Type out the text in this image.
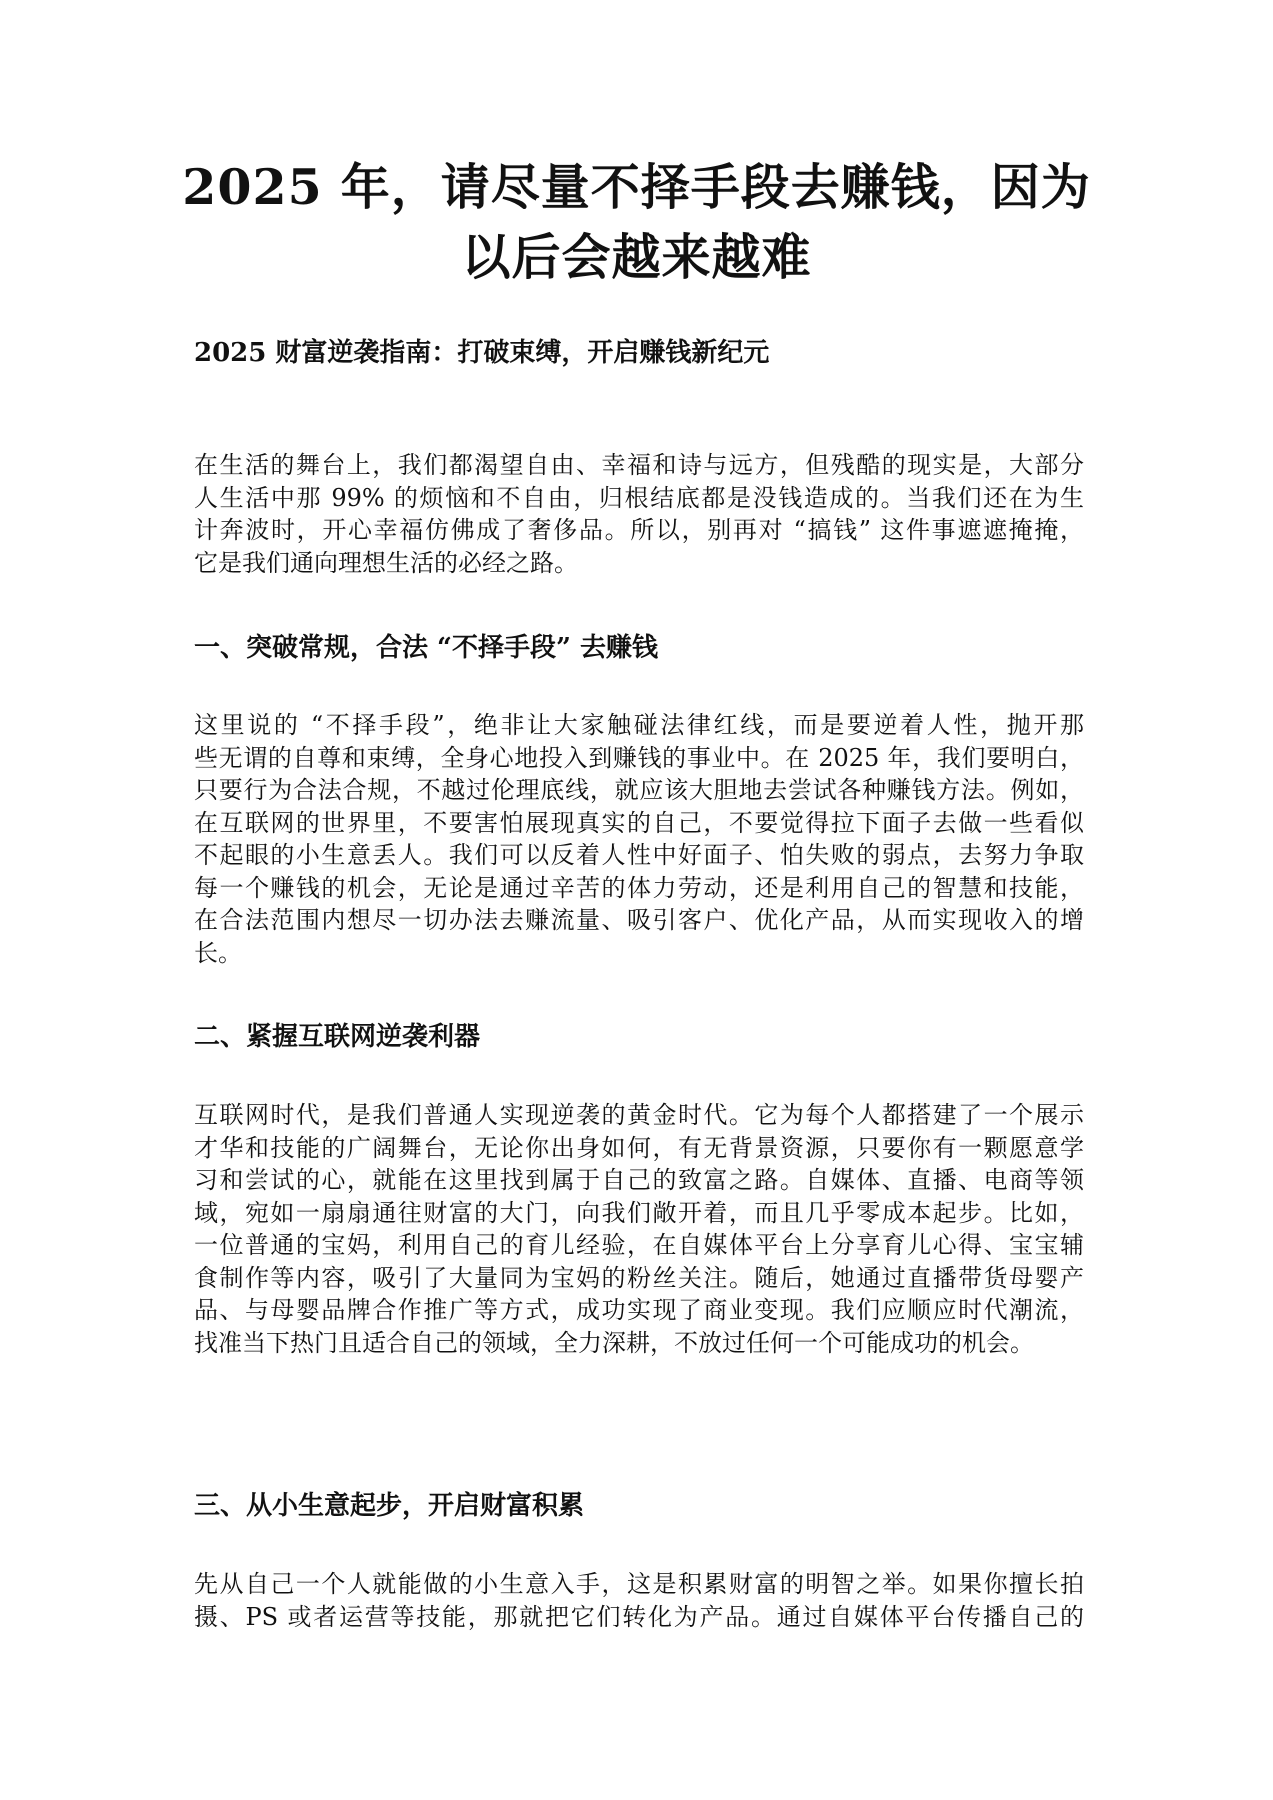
2025 年，请尽量不择手段去赚钱，因为
以后会越来越难
2025 财富逆袭指南：打破束缚，开启赚钱新纪元
在生活的舞台上，我们都渴望自由、幸福和诗与远方，但残酷的现实是，大部分
人生活中那 99% 的烦恼和不自由，归根结底都是没钱造成的。当我们还在为生
计奔波时，开心幸福仿佛成了奢侈品。所以，别再对 “搞钱” 这件事遮遮掩掩，
它是我们通向理想生活的必经之路。
一、突破常规，合法 “不择手段” 去赚钱
这里说的 “不择手段”，绝非让大家触碰法律红线，而是要逆着人性，抛开那
些无谓的自尊和束缚，全身心地投入到赚钱的事业中。在 2025 年，我们要明白，
只要行为合法合规，不越过伦理底线，就应该大胆地去尝试各种赚钱方法。例如，
在互联网的世界里，不要害怕展现真实的自己，不要觉得拉下面子去做一些看似
不起眼的小生意丢人。我们可以反着人性中好面子、怕失败的弱点，去努力争取
每一个赚钱的机会，无论是通过辛苦的体力劳动，还是利用自己的智慧和技能，
在合法范围内想尽一切办法去赚流量、吸引客户、优化产品，从而实现收入的增
长。
二、紧握互联网逆袭利器
互联网时代，是我们普通人实现逆袭的黄金时代。它为每个人都搭建了一个展示
才华和技能的广阔舞台，无论你出身如何，有无背景资源，只要你有一颗愿意学
习和尝试的心，就能在这里找到属于自己的致富之路。自媒体、直播、电商等领
域，宛如一扇扇通往财富的大门，向我们敞开着，而且几乎零成本起步。比如，
一位普通的宝妈，利用自己的育儿经验，在自媒体平台上分享育儿心得、宝宝辅
食制作等内容，吸引了大量同为宝妈的粉丝关注。随后，她通过直播带货母婴产
品、与母婴品牌合作推广等方式，成功实现了商业变现。我们应顺应时代潮流，
找准当下热门且适合自己的领域，全力深耕，不放过任何一个可能成功的机会。
三、从小生意起步，开启财富积累
先从自己一个人就能做的小生意入手，这是积累财富的明智之举。如果你擅长拍
摄、PS 或者运营等技能，那就把它们转化为产品。通过自媒体平台传播自己的
